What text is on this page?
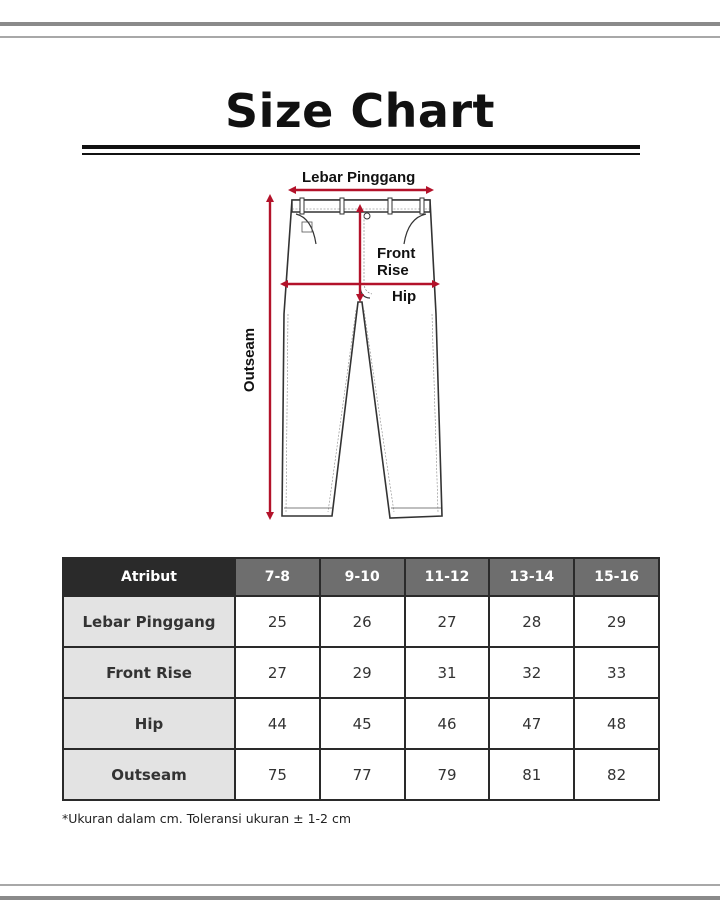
Size Chart
Lebar Pinggang
Front
Rise
Hip
Outseam
Atribut	7-8	9-10	11-12	13-14	15-16
Lebar Pinggang	25	26	27	28	29
Front Rise	27	29	31	32	33
Hip	44	45	46	47	48
Outseam	75	77	79	81	82
*Ukuran dalam cm. Toleransi ukuran ± 1-2 cm
